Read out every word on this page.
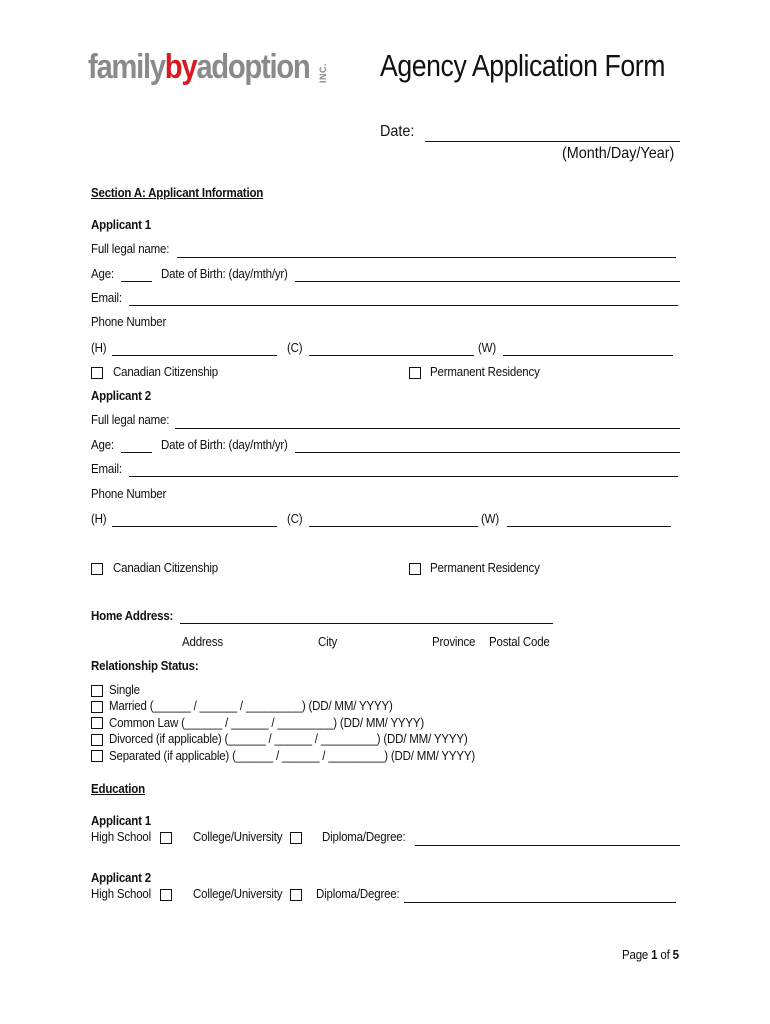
familybyadoption INC. Agency Application Form
Date:
(Month/Day/Year)
Section A: Applicant Information
Applicant 1
Full legal name:
Age:	Date of Birth: (day/mth/yr)
Email:
Phone Number
(H)	(C)	(W)
Canadian Citizenship	Permanent Residency
Applicant 2
Full legal name:
Age:	Date of Birth: (day/mth/yr)
Email:
Phone Number
(H)	(C)	(W)
Canadian Citizenship	Permanent Residency
Home Address:
Address	City	Province Postal Code
Relationship Status:
Single
Married (______ / ______ / _________) (DD/ MM/ YYYY)
Common Law (______ / ______ / _________) (DD/ MM/ YYYY)
Divorced (if applicable) (______ / ______ / _________) (DD/ MM/ YYYY)
Separated (if applicable) (______ / ______ / _________) (DD/ MM/ YYYY)
Education
Applicant 1
High School	College/University	Diploma/Degree:
Applicant 2
High School	College/University	Diploma/Degree:
Page 1 of 5
